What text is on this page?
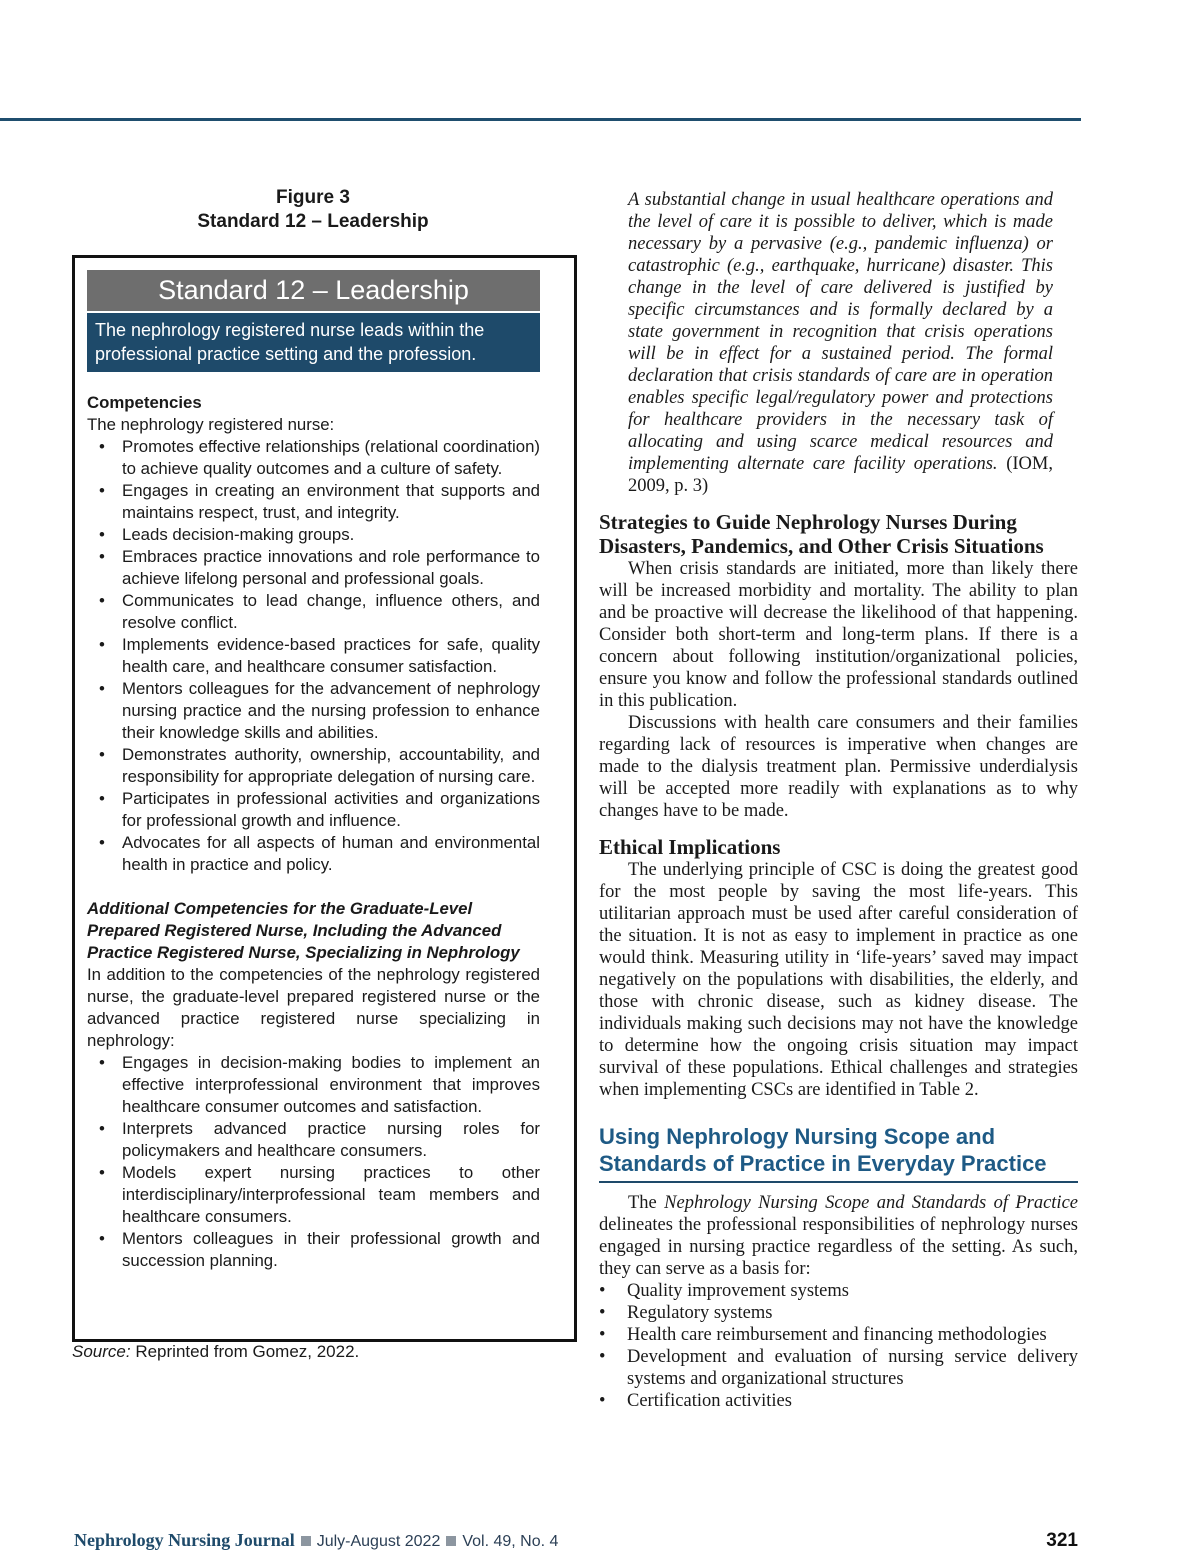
Figure 3
Standard 12 – Leadership
Standard 12 – Leadership
The nephrology registered nurse leads within the professional practice setting and the profession.
Competencies
The nephrology registered nurse:
• Promotes effective relationships (relational coordination) to achieve quality outcomes and a culture of safety.
• Engages in creating an environment that supports and maintains respect, trust, and integrity.
• Leads decision-making groups.
• Embraces practice innovations and role performance to achieve lifelong personal and professional goals.
• Communicates to lead change, influence others, and resolve conflict.
• Implements evidence-based practices for safe, quality health care, and healthcare consumer satisfaction.
• Mentors colleagues for the advancement of nephrology nursing practice and the nursing profession to enhance their knowledge skills and abilities.
• Demonstrates authority, ownership, accountability, and responsibility for appropriate delegation of nursing care.
• Participates in professional activities and organizations for professional growth and influence.
• Advocates for all aspects of human and environmental health in practice and policy.
Additional Competencies for the Graduate-Level Prepared Registered Nurse, Including the Advanced Practice Registered Nurse, Specializing in Nephrology
In addition to the competencies of the nephrology registered nurse, the graduate-level prepared registered nurse or the advanced practice registered nurse specializing in nephrology:
• Engages in decision-making bodies to implement an effective interprofessional environment that improves healthcare consumer outcomes and satisfaction.
• Interprets advanced practice nursing roles for policymakers and healthcare consumers.
• Models expert nursing practices to other interdisciplinary/interprofessional team members and healthcare consumers.
• Mentors colleagues in their professional growth and succession planning.
Source: Reprinted from Gomez, 2022.
A substantial change in usual healthcare operations and the level of care it is possible to deliver, which is made necessary by a pervasive (e.g., pandemic influenza) or catastrophic (e.g., earthquake, hurricane) disaster. This change in the level of care delivered is justified by specific circumstances and is formally declared by a state government in recognition that crisis operations will be in effect for a sustained period. The formal declaration that crisis standards of care are in operation enables specific legal/regulatory power and protections for healthcare providers in the necessary task of allocating and using scarce medical resources and implementing alternate care facility operations. (IOM, 2009, p. 3)
Strategies to Guide Nephrology Nurses During Disasters, Pandemics, and Other Crisis Situations
When crisis standards are initiated, more than likely there will be increased morbidity and mortality. The ability to plan and be proactive will decrease the likelihood of that happening. Consider both short-term and long-term plans. If there is a concern about following institution/organizational policies, ensure you know and follow the professional standards outlined in this publication.
Discussions with health care consumers and their families regarding lack of resources is imperative when changes are made to the dialysis treatment plan. Permissive underdialysis will be accepted more readily with explanations as to why changes have to be made.
Ethical Implications
The underlying principle of CSC is doing the greatest good for the most people by saving the most life-years. This utilitarian approach must be used after careful consideration of the situation. It is not as easy to implement in practice as one would think. Measuring utility in ‘life-years’ saved may impact negatively on the populations with disabilities, the elderly, and those with chronic disease, such as kidney disease. The individuals making such decisions may not have the knowledge to determine how the ongoing crisis situation may impact survival of these populations. Ethical challenges and strategies when implementing CSCs are identified in Table 2.
Using Nephrology Nursing Scope and Standards of Practice in Everyday Practice
The Nephrology Nursing Scope and Standards of Practice delineates the professional responsibilities of nephrology nurses engaged in nursing practice regardless of the setting. As such, they can serve as a basis for:
• Quality improvement systems
• Regulatory systems
• Health care reimbursement and financing methodologies
• Development and evaluation of nursing service delivery systems and organizational structures
• Certification activities
Nephrology Nursing Journal July-August 2022 Vol. 49, No. 4	321
